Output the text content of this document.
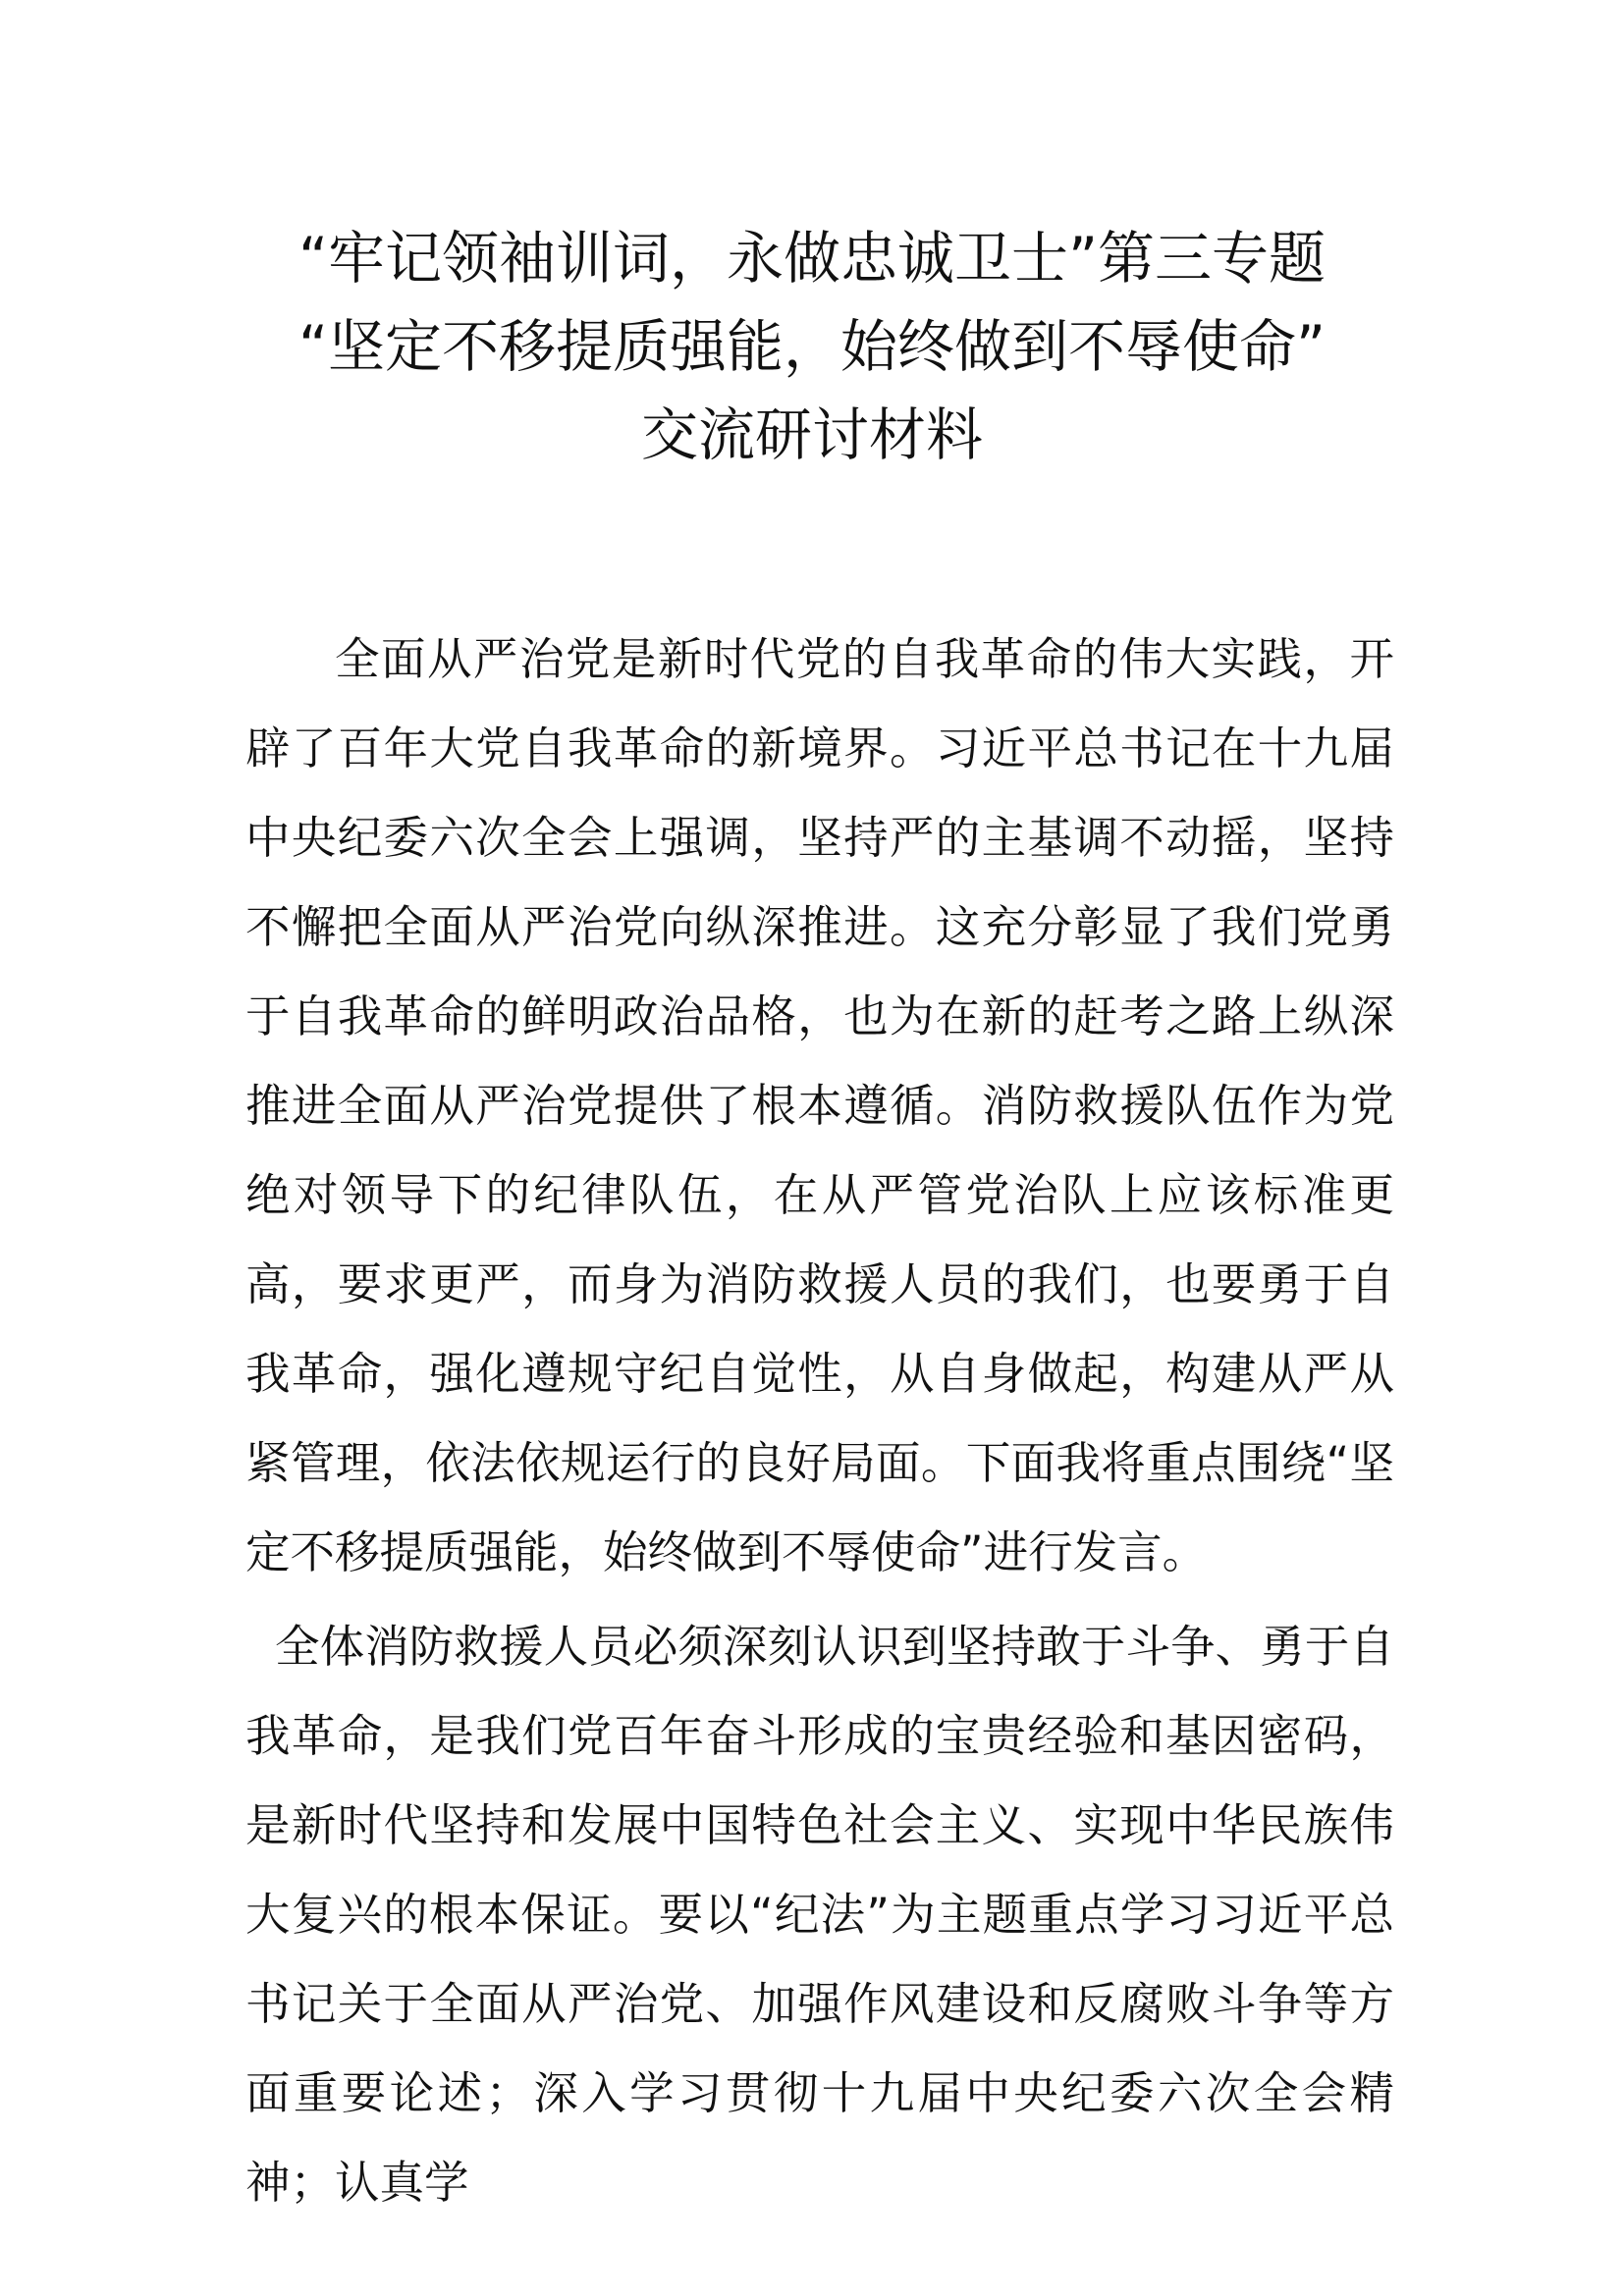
“牢记领袖训词，永做忠诚卫士”第三专题
“坚定不移提质强能，始终做到不辱使命”
交流研讨材料

全面从严治党是新时代党的自我革命的伟大实践，开辟了百年大党自我革命的新境界。习近平总书记在十九届中央纪委六次全会上强调，坚持严的主基调不动摇，坚持不懈把全面从严治党向纵深推进。这充分彰显了我们党勇于自我革命的鲜明政治品格，也为在新的赶考之路上纵深推进全面从严治党提供了根本遵循。消防救援队伍作为党绝对领导下的纪律队伍，在从严管党治队上应该标准更高，要求更严，而身为消防救援人员的我们，也要勇于自我革命，强化遵规守纪自觉性，从自身做起，构建从严从紧管理，依法依规运行的良好局面。下面我将重点围绕“坚定不移提质强能，始终做到不辱使命”进行发言。

全体消防救援人员必须深刻认识到坚持敢于斗争、勇于自我革命，是我们党百年奋斗形成的宝贵经验和基因密码，是新时代坚持和发展中国特色社会主义、实现中华民族伟大复兴的根本保证。要以“纪法”为主题重点学习习近平总书记关于全面从严治党、加强作风建设和反腐败斗争等方面重要论述；深入学习贯彻十九届中央纪委六次全会精神；认真学
